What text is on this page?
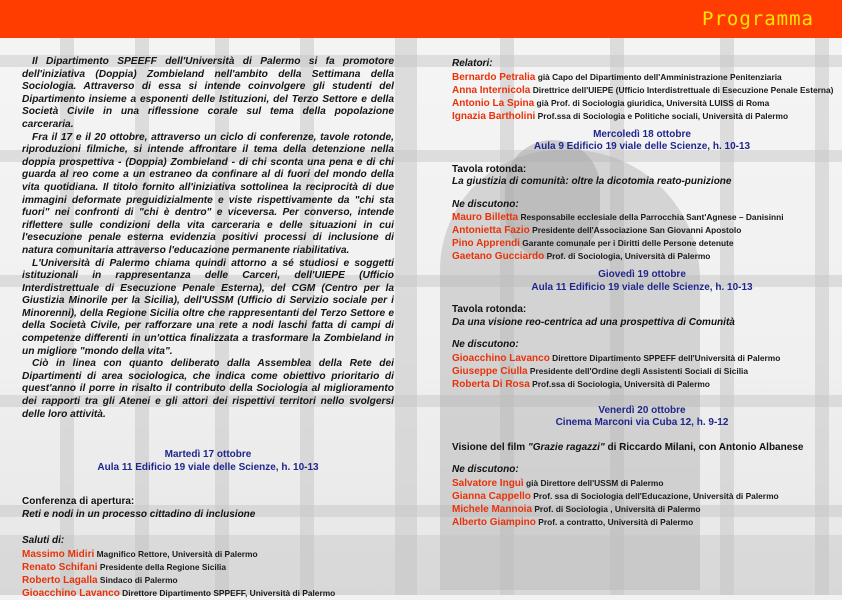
Programma

Il Dipartimento SPEEFF dell'Università di Palermo si fa promotore dell'iniziativa (Doppia) Zombieland nell'ambito della Settimana della Sociologia. Attraverso di essa si intende coinvolgere gli studenti del Dipartimento insieme a esponenti delle Istituzioni, del Terzo Settore e della Società Civile in una riflessione corale sul tema della popolazione carceraria.

Fra il 17 e il 20 ottobre, attraverso un ciclo di conferenze, tavole rotonde, riproduzioni filmiche, si intende affrontare il tema della detenzione nella doppia prospettiva - (Doppia) Zombieland - di chi sconta una pena e di chi guarda al reo come a un estraneo da confinare al di fuori del mondo della vita quotidiana. Il titolo fornito all'iniziativa sottolinea la reciprocità di due immagini deformate preguidizialmente e viste rispettivamente da "chi sta fuori" nei confronti di "chi è dentro" e viceversa. Per converso, intende riflettere sulle condizioni della vita carceraria e delle situazioni in cui l'esecuzione penale esterna evidenzia positivi processi di inclusione di natura comunitaria attraverso l'educazione permanente riabilitativa.

L'Università di Palermo chiama quindi attorno a sé studiosi e soggetti istituzionali in rappresentanza delle Carceri, dell'UIEPE (Ufficio Interdistrettuale di Esecuzione Penale Esterna), del CGM (Centro per la Giustizia Minorile per la Sicilia), dell'USSM (Ufficio di Servizio sociale per i Minorenni), della Regione Sicilia oltre che rappresentanti del Terzo Settore e della Società Civile, per rafforzare una rete a nodi laschi fatta di campi di competenze differenti in un'ottica finalizzata a trasformare la Zombieland in un migliore "mondo della vita".

Ciò in linea con quanto deliberato dalla Assemblea della Rete dei Dipartimenti di area sociologica, che indica come obiettivo prioritario di quest'anno il porre in risalto il contributo della Sociologia al miglioramento dei rapporti tra gli Atenei e gli attori dei rispettivi territori nello svolgersi delle loro attività.

Martedì 17 ottobre
Aula 11 Edificio 19 viale delle Scienze, h. 10-13
Conferenza di apertura:
Reti e nodi in un processo cittadino di inclusione
Saluti di:
Massimo Midiri Magnifico Rettore, Università di Palermo
Renato Schifani Presidente della Regione Sicilia
Roberto Lagalla Sindaco di Palermo
Gioacchino Lavanco Direttore Dipartimento SPPEFF, Università di Palermo
Relatori:
Bernardo Petralia già Capo del Dipartimento dell'Amministrazione Penitenziaria
Anna Internicola Direttrice dell'UIEPE (Ufficio Interdistrettuale di Esecuzione Penale Esterna)
Antonio La Spina già Prof. di Sociologia giuridica, Università LUISS di Roma
Ignazia Bartholini Prof.ssa di Sociologia e Politiche sociali, Università di Palermo
Mercoledì 18 ottobre
Aula 9 Edificio 19 viale delle Scienze, h. 10-13
Tavola rotonda:
La giustizia di comunità: oltre la dicotomia reato-punizione
Ne discutono:
Mauro Billetta Responsabile ecclesiale della Parrocchia Sant'Agnese – Danisinni
Antonietta Fazio Presidente dell'Associazione San Giovanni Apostolo
Pino Apprendi Garante comunale per i Diritti delle Persone detenute
Gaetano Gucciardo Prof. di Sociologia, Università di Palermo
Giovedì 19 ottobre
Aula 11 Edificio 19 viale delle Scienze, h. 10-13
Tavola rotonda:
Da una visione reo-centrica ad una prospettiva di Comunità
Ne discutono:
Gioacchino Lavanco Direttore Dipartimento SPPEFF dell'Università di Palermo
Giuseppe Ciulla Presidente dell'Ordine degli Assistenti Sociali di Sicilia
Roberta Di Rosa Prof.ssa di Sociologia, Università di Palermo
Venerdì 20 ottobre
Cinema Marconi via Cuba 12, h. 9-12
Visione del film "Grazie ragazzi" di Riccardo Milani, con Antonio Albanese
Ne discutono:
Salvatore Inguì già Direttore dell'USSM di Palermo
Gianna Cappello Prof. ssa di Sociologia dell'Educazione, Università di Palermo
Michele Mannoia Prof. di Sociologia , Università di Palermo
Alberto Giampino Prof. a contratto, Università di Palermo
